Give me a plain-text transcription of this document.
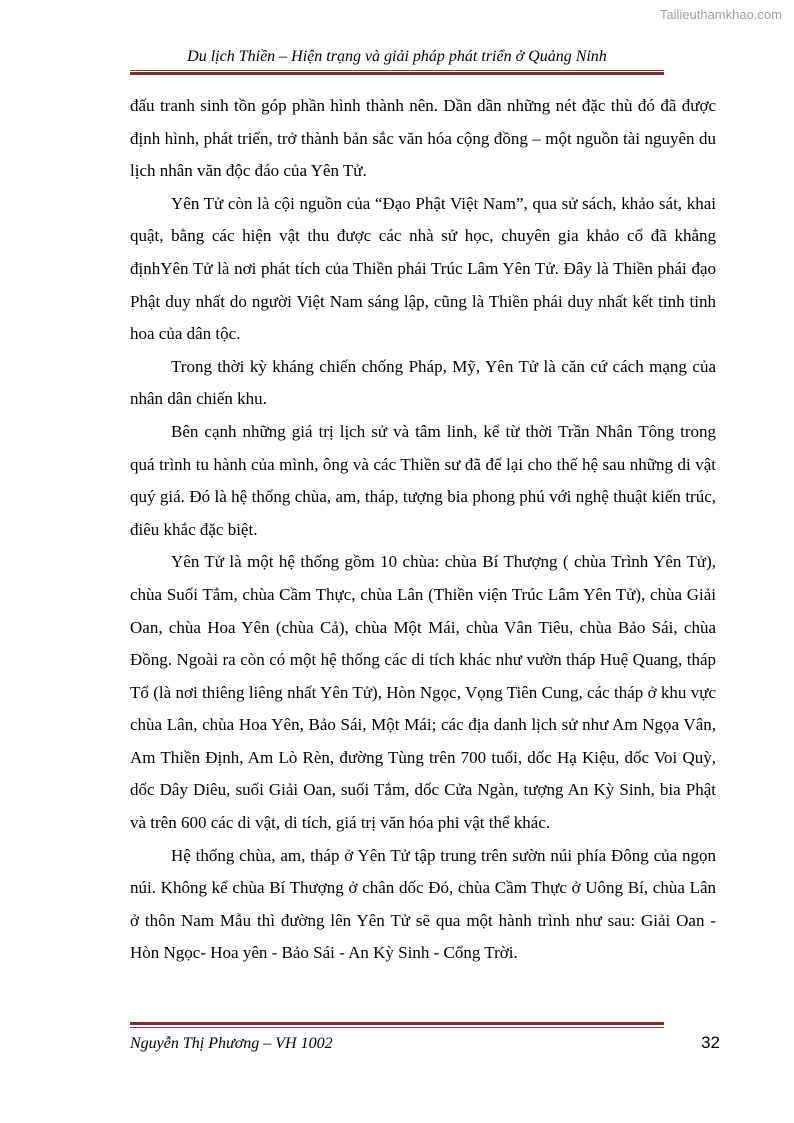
Tailieuthamkhao.com
Du lịch Thiền – Hiện trạng và giải pháp phát triển ở Quảng Ninh

đấu tranh sinh tồn góp phần hình thành nên. Dần dần những nét đặc thù đó đã được định hình, phát triển, trở thành bản sắc văn hóa cộng đồng – một nguồn tài nguyên du lịch nhân văn độc đáo của Yên Tử.

Yên Tử còn là cội nguồn của “Đạo Phật Việt Nam”, qua sử sách, khảo sát, khai quật, bằng các hiện vật thu được các nhà sử học, chuyên gia khảo cổ đã khẳng địnhYên Tử là nơi phát tích của Thiền phái Trúc Lâm Yên Tử. Đây là Thiền phái đạo Phật duy nhất do người Việt Nam sáng lập, cũng là Thiền phái duy nhất kết tinh tinh hoa của dân tộc.

Trong thời kỳ kháng chiến chống Pháp, Mỹ, Yên Tử là căn cứ cách mạng của nhân dân chiến khu.

Bên cạnh những giá trị lịch sử và tâm linh, kể từ thời Trần Nhân Tông trong quá trình tu hành của mình, ông và các Thiền sư đã để lại cho thế hệ sau những di vật quý giá. Đó là hệ thống chùa, am, tháp, tượng bia phong phú với nghệ thuật kiến trúc, điêu khắc đặc biệt.

Yên Tử là một hệ thống gồm 10 chùa: chùa Bí Thượng ( chùa Trình Yên Tử), chùa Suối Tắm, chùa Cầm Thực, chùa Lân (Thiền viện Trúc Lâm Yên Tử), chùa Giải Oan, chùa Hoa Yên (chùa Cả), chùa Một Mái, chùa Vân Tiêu, chùa Bảo Sái, chùa Đồng. Ngoài ra còn có một hệ thống các di tích khác như vườn tháp Huệ Quang, tháp Tổ (là nơi thiêng liêng nhất Yên Tử), Hòn Ngọc, Vọng Tiên Cung, các tháp ở khu vực chùa Lân, chùa Hoa Yên, Bảo Sái, Một Mái; các địa danh lịch sử như Am Ngọa Vân, Am Thiền Định, Am Lò Rèn, đường Tùng trên 700 tuổi, dốc Hạ Kiệu, dốc Voi Quỳ, dốc Dây Diêu, suối Giải Oan, suối Tắm, dốc Cửa Ngàn, tượng An Kỳ Sinh, bia Phật và trên 600 các di vật, di tích, giá trị văn hóa phi vật thể khác.

Hệ thống chùa, am, tháp ở Yên Tử tập trung trên sườn núi phía Đông của ngọn núi. Không kể chùa Bí Thượng ở chân dốc Đỏ, chùa Cầm Thực ở Uông Bí, chùa Lân ở thôn Nam Mẫu thì đường lên Yên Tử sẽ qua một hành trình như sau: Giải Oan - Hòn Ngọc- Hoa yên - Bảo Sái - An Kỳ Sinh - Cổng Trời.

Nguyễn Thị Phương – VH 1002	32
